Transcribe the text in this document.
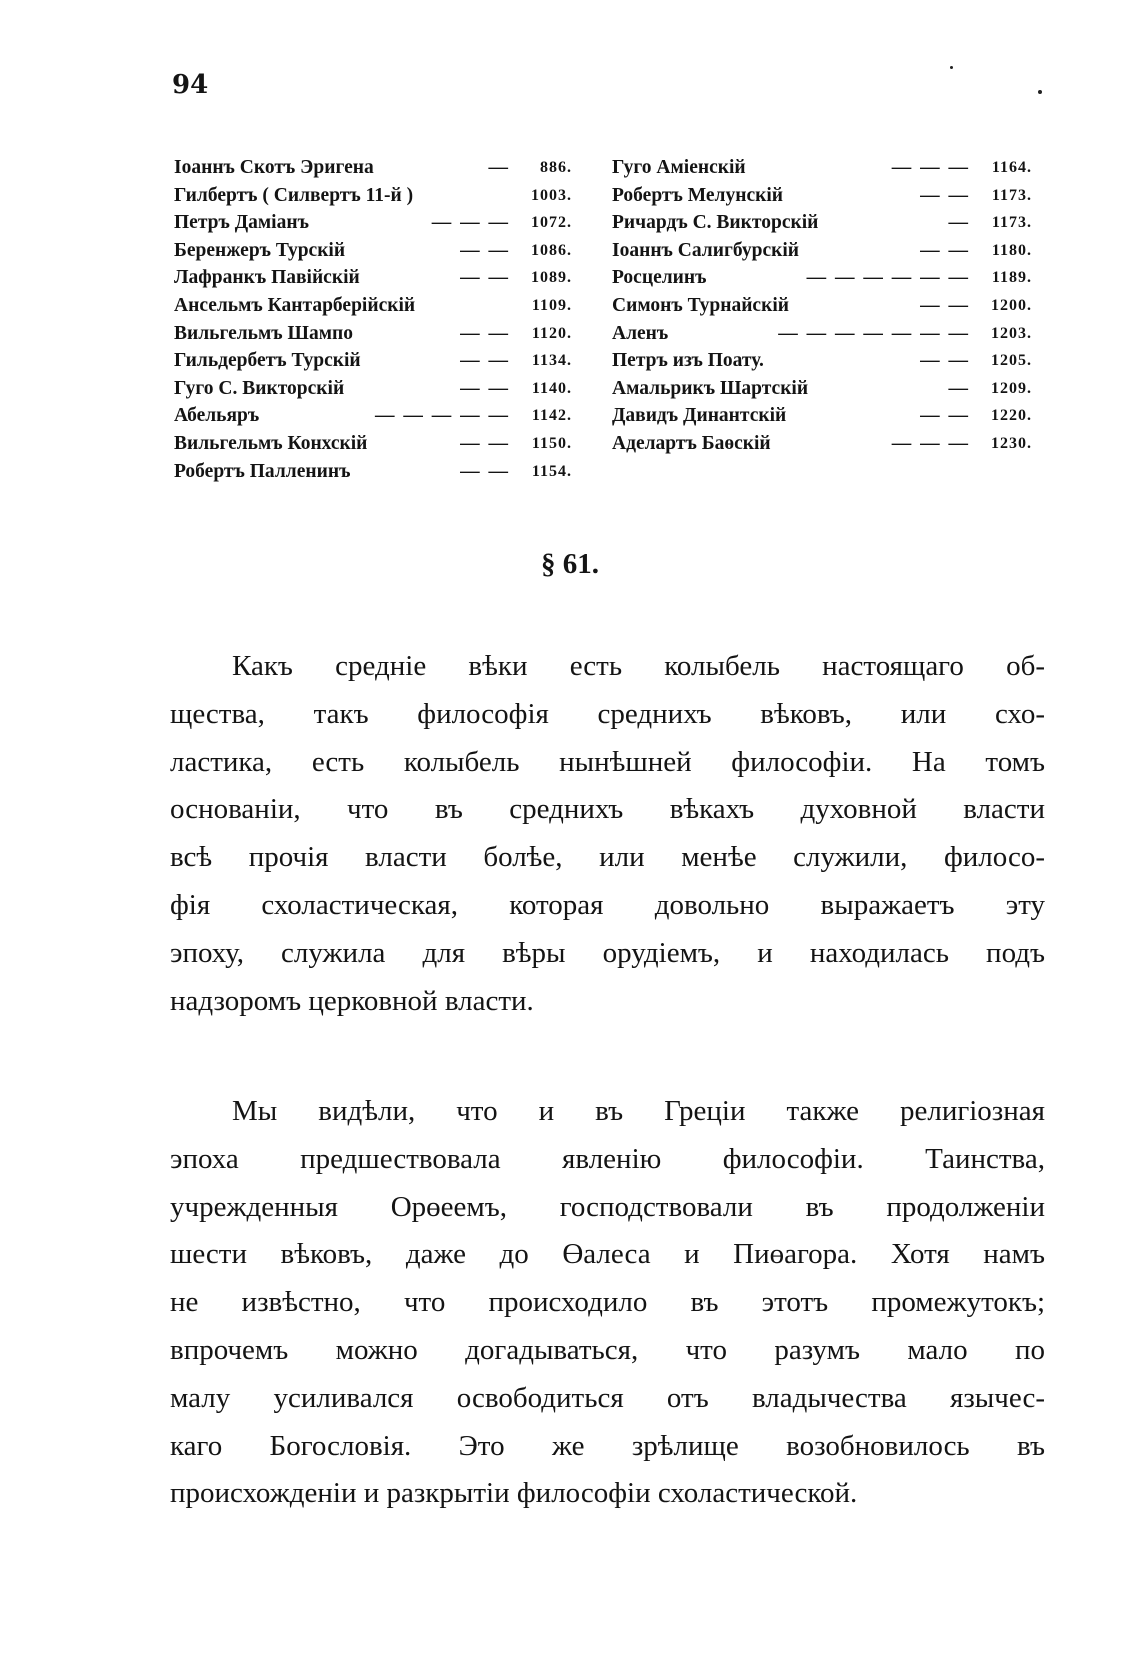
94
Іоаннъ Скотъ Эригена	—	886.
Гилбертъ ( Силвертъ 11-й )	1003.
Петръ Даміанъ	— — —	1072.
Беренжеръ Турскій	— —	1086.
Лафранкъ Павійскій	— —	1089.
Ансельмъ Кантарберійскій	1109.
Вильгельмъ Шампо	— —	1120.
Гильдербетъ Турскій	— —	1134.
Гуго С. Викторскій	— —	1140.
Абельяръ	— — — — —	1142.
Вильгельмъ Конхскій	— —	1150.
Робертъ Палленинъ	— —	1154.
Гуго Аміенскій	— — —	1164.
Робертъ Мелунскій	— —	1173.
Ричардъ С. Викторскій	—	1173.
Іоаннъ Салигбурскій	— —	1180.
Росцелинъ	— — — — — —	1189.
Симонъ Турнайскій	— —	1200.
Аленъ	— — — — — — —	1203.
Петръ изъ Поату.	— —	1205.
Амальрикъ Шартскій	—	1209.
Давидъ Динантскій	— —	1220.
Аделартъ Баөскій	— — —	1230.
§ 61.
Какъ средніе вѣки есть колыбель настоящаго об-
щества, такъ философія среднихъ вѣковъ, или схо-
ластика, есть колыбель нынѣшней философіи. На томъ
основаніи, что въ среднихъ вѣкахъ духовной власти
всѣ прочія власти болѣе, или менѣе служили, филосо-
фія схоластическая, которая довольно выражаетъ эту
эпоху, служила для вѣры орудіемъ, и находилась подъ
надзоромъ церковной власти.
Мы видѣли, что и въ Греціи также религіозная
эпоха предшествовала явленію философіи. Таинства,
учрежденныя Орөеемъ, господствовали въ продолженіи
шести вѣковъ, даже до Өалеса и Пиөагора. Хотя намъ
не извѣстно, что происходило въ этотъ промежутокъ;
впрочемъ можно догадываться, что разумъ мало по
малу усиливался освободиться отъ владычества язычес-
каго Богословія. Это же зрѣлище возобновилось въ
происхожденіи и разкрытіи философіи схоластической.
